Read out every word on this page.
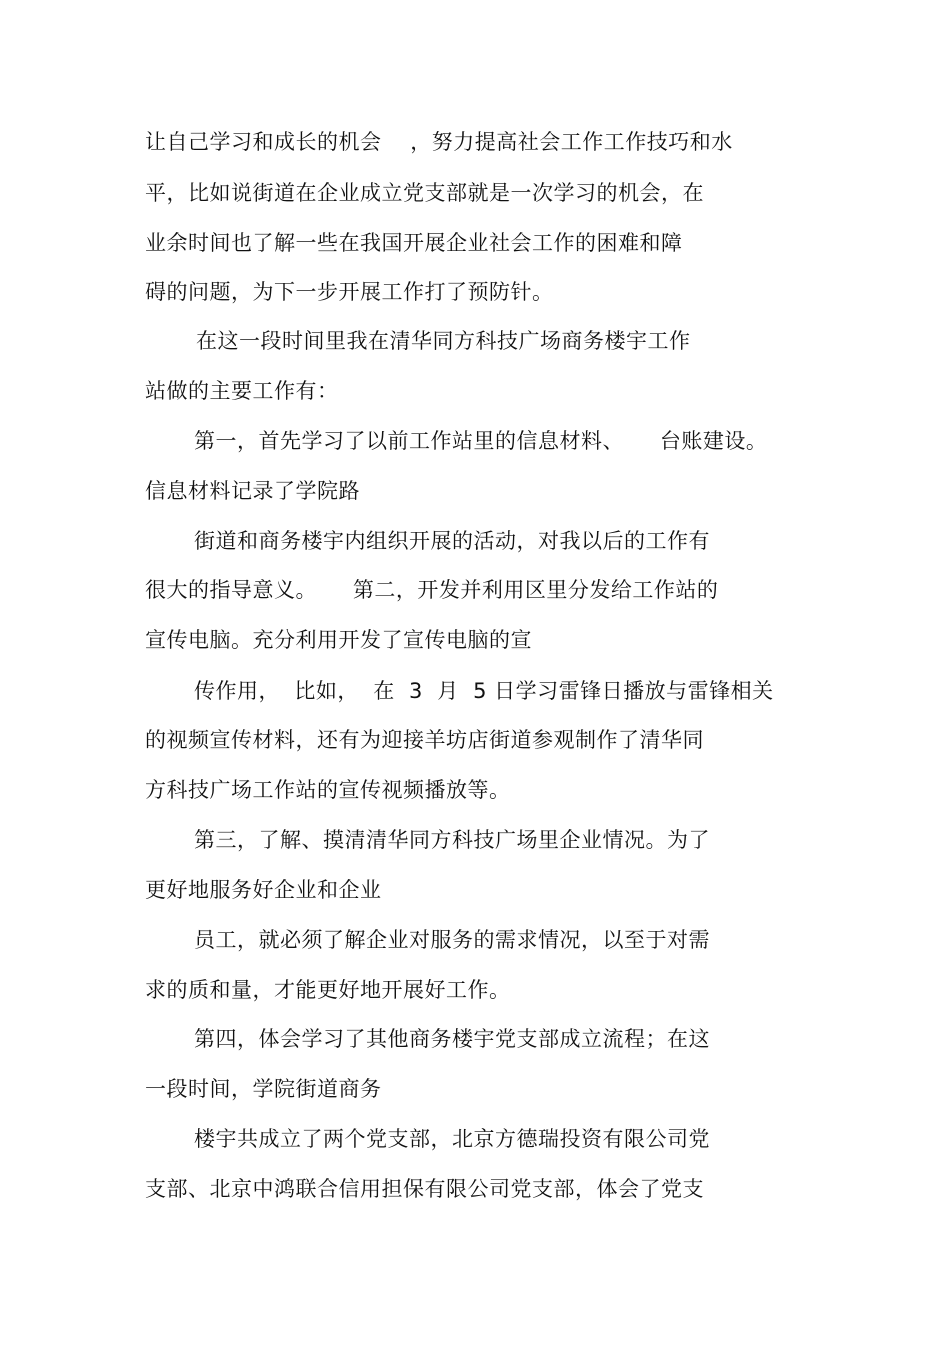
让自己学习和成长的机会    ，努力提高社会工作工作技巧和水
平，比如说街道在企业成立党支部就是一次学习的机会，在
业余时间也了解一些在我国开展企业社会工作的困难和障
碍的问题，为下一步开展工作打了预防针。
在这一段时间里我在清华同方科技广场商务楼宇工作
站做的主要工作有：
第一，首先学习了以前工作站里的信息材料、     台账建设。
信息材料记录了学院路
街道和商务楼宇内组织开展的活动，对我以后的工作有
很大的指导意义。     第二，开发并利用区里分发给工作站的
宣传电脑。充分利用开发了宣传电脑的宣
传作用，  比如，  在  3  月  5 日学习雷锋日播放与雷锋相关
的视频宣传材料，还有为迎接羊坊店街道参观制作了清华同
方科技广场工作站的宣传视频播放等。
第三，了解、摸清清华同方科技广场里企业情况。为了
更好地服务好企业和企业
员工，就必须了解企业对服务的需求情况，以至于对需
求的质和量，才能更好地开展好工作。
第四，体会学习了其他商务楼宇党支部成立流程；在这
一段时间，学院街道商务
楼宇共成立了两个党支部，北京方德瑞投资有限公司党
支部、北京中鸿联合信用担保有限公司党支部，体会了党支
